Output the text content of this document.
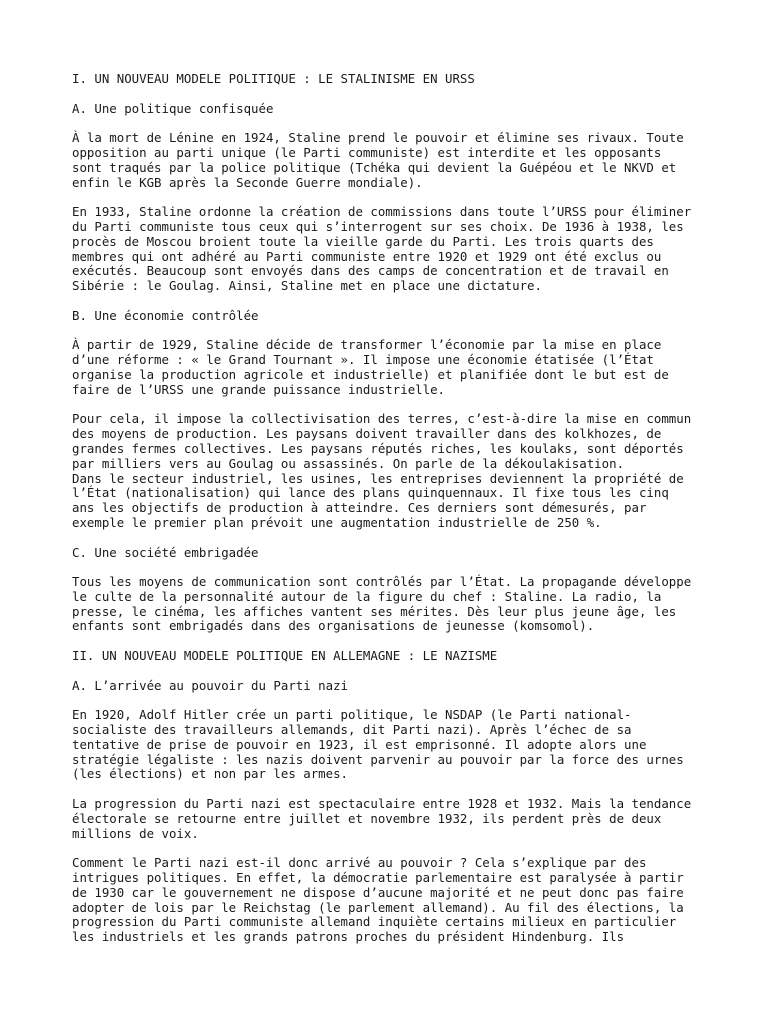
I. UN NOUVEAU MODELE POLITIQUE : LE STALINISME EN URSS
A. Une politique confisquée
À la mort de Lénine en 1924, Staline prend le pouvoir et élimine ses rivaux. Toute
opposition au parti unique (le Parti communiste) est interdite et les opposants
sont traqués par la police politique (Tchéka qui devient la Guépéou et le NKVD et
enfin le KGB après la Seconde Guerre mondiale).
En 1933, Staline ordonne la création de commissions dans toute l’URSS pour éliminer
du Parti communiste tous ceux qui s’interrogent sur ses choix. De 1936 à 1938, les
procès de Moscou broient toute la vieille garde du Parti. Les trois quarts des
membres qui ont adhéré au Parti communiste entre 1920 et 1929 ont été exclus ou
exécutés. Beaucoup sont envoyés dans des camps de concentration et de travail en
Sibérie : le Goulag. Ainsi, Staline met en place une dictature.
B. Une économie contrôlée
À partir de 1929, Staline décide de transformer l’économie par la mise en place
d’une réforme : « le Grand Tournant ». Il impose une économie étatisée (l’État
organise la production agricole et industrielle) et planifiée dont le but est de
faire de l’URSS une grande puissance industrielle.
Pour cela, il impose la collectivisation des terres, c’est-à-dire la mise en commun
des moyens de production. Les paysans doivent travailler dans des kolkhozes, de
grandes fermes collectives. Les paysans réputés riches, les koulaks, sont déportés
par milliers vers au Goulag ou assassinés. On parle de la dékoulakisation.
Dans le secteur industriel, les usines, les entreprises deviennent la propriété de
l’État (nationalisation) qui lance des plans quinquennaux. Il fixe tous les cinq
ans les objectifs de production à atteindre. Ces derniers sont démesurés, par
exemple le premier plan prévoit une augmentation industrielle de 250 %.
C. Une société embrigadée
Tous les moyens de communication sont contrôlés par l’État. La propagande développe
le culte de la personnalité autour de la figure du chef : Staline. La radio, la
presse, le cinéma, les affiches vantent ses mérites. Dès leur plus jeune âge, les
enfants sont embrigadés dans des organisations de jeunesse (komsomol).
II. UN NOUVEAU MODELE POLITIQUE EN ALLEMAGNE : LE NAZISME
A. L’arrivée au pouvoir du Parti nazi
En 1920, Adolf Hitler crée un parti politique, le NSDAP (le Parti national-
socialiste des travailleurs allemands, dit Parti nazi). Après l’échec de sa
tentative de prise de pouvoir en 1923, il est emprisonné. Il adopte alors une
stratégie légaliste : les nazis doivent parvenir au pouvoir par la force des urnes
(les élections) et non par les armes.
La progression du Parti nazi est spectaculaire entre 1928 et 1932. Mais la tendance
électorale se retourne entre juillet et novembre 1932, ils perdent près de deux
millions de voix.
Comment le Parti nazi est-il donc arrivé au pouvoir ? Cela s’explique par des
intrigues politiques. En effet, la démocratie parlementaire est paralysée à partir
de 1930 car le gouvernement ne dispose d’aucune majorité et ne peut donc pas faire
adopter de lois par le Reichstag (le parlement allemand). Au fil des élections, la
progression du Parti communiste allemand inquiète certains milieux en particulier
les industriels et les grands patrons proches du président Hindenburg. Ils
